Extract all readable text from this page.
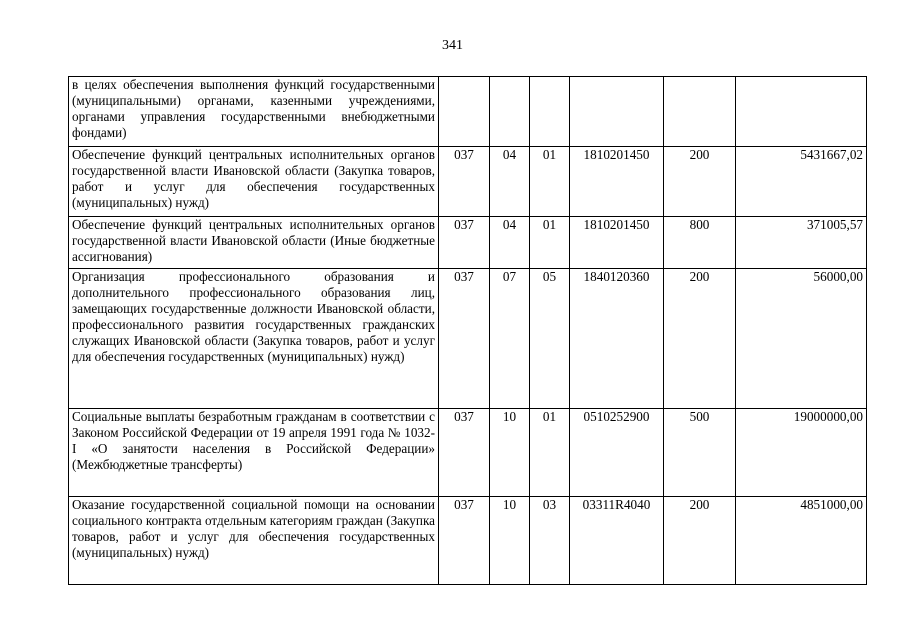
341
в целях обеспечения выполнения функций государственными (муниципальными) органами, казенными учреждениями, органами управления государственными внебюджетными фондами)						
Обеспечение функций центральных исполнительных органов государственной власти Ивановской области (Закупка товаров, работ и услуг для обеспечения государственных (муниципальных) нужд)	037	04	01	1810201450	200	5431667,02
Обеспечение функций центральных исполнительных органов государственной власти Ивановской области (Иные бюджетные ассигнования)	037	04	01	1810201450	800	371005,57
Организация профессионального образования и дополнительного профессионального образования лиц, замещающих государственные должности Ивановской области, профессионального развития государственных гражданских служащих Ивановской области (Закупка товаров, работ и услуг для обеспечения государственных (муниципальных) нужд)	037	07	05	1840120360	200	56000,00
Социальные выплаты безработным гражданам в соответствии с Законом Российской Федерации от 19 апреля 1991 года № 1032-I «О занятости населения в Российской Федерации» (Межбюджетные трансферты)	037	10	01	0510252900	500	19000000,00
Оказание государственной социальной помощи на основании социального контракта отдельным категориям граждан (Закупка товаров, работ и услуг для обеспечения государственных (муниципальных) нужд)	037	10	03	03311R4040	200	4851000,00
